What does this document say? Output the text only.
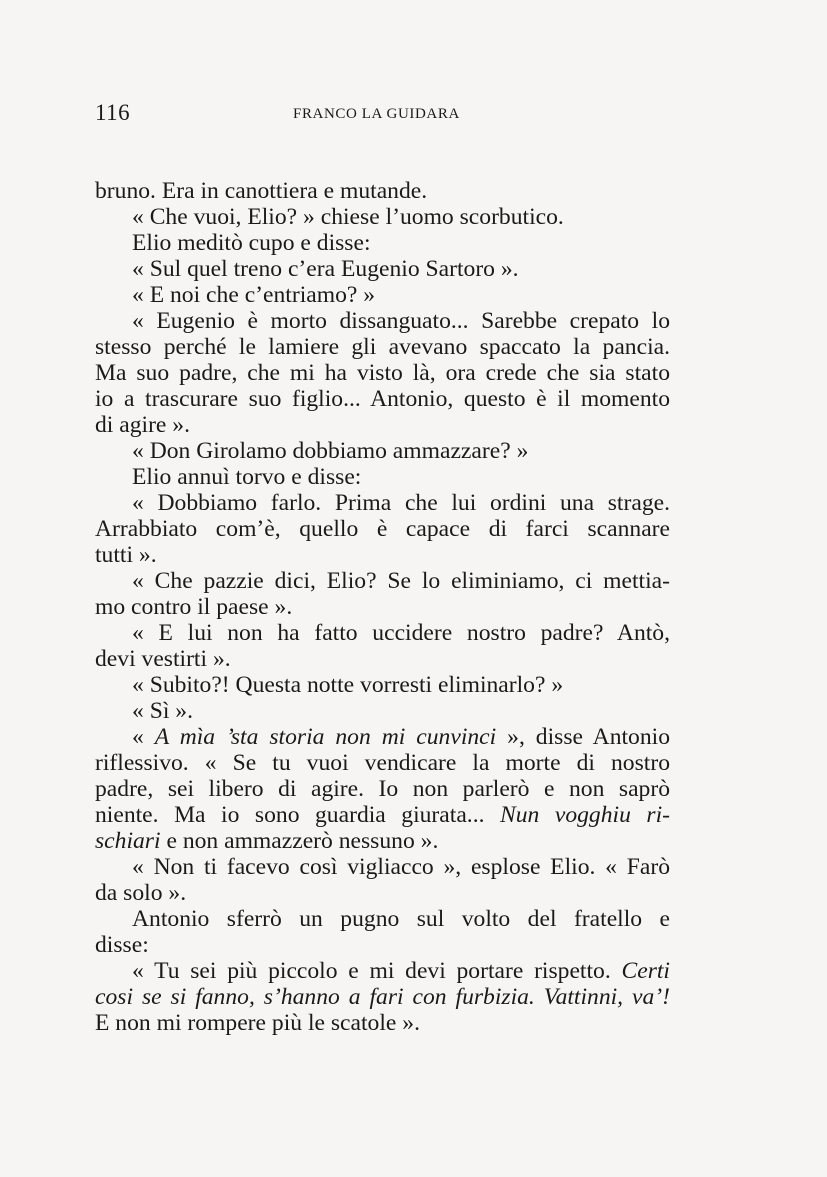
116	FRANCO LA GUIDARA
bruno. Era in canottiera e mutande.
« Che vuoi, Elio? » chiese l’uomo scorbutico.
Elio meditò cupo e disse:
« Sul quel treno c’era Eugenio Sartoro ».
« E noi che c’entriamo? »
« Eugenio è morto dissanguato... Sarebbe crepato lo
stesso perché le lamiere gli avevano spaccato la pancia.
Ma suo padre, che mi ha visto là, ora crede che sia stato
io a trascurare suo figlio... Antonio, questo è il momento
di agire ».
« Don Girolamo dobbiamo ammazzare? »
Elio annuì torvo e disse:
« Dobbiamo farlo. Prima che lui ordini una strage.
Arrabbiato com’è, quello è capace di farci scannare
tutti ».
« Che pazzie dici, Elio? Se lo eliminiamo, ci mettia-
mo contro il paese ».
« E lui non ha fatto uccidere nostro padre? Antò,
devi vestirti ».
« Subito?! Questa notte vorresti eliminarlo? »
« Sì ».
« A mìa ’sta storia non mi cunvinci », disse Antonio
riflessivo. « Se tu vuoi vendicare la morte di nostro
padre, sei libero di agire. Io non parlerò e non saprò
niente. Ma io sono guardia giurata... Nun vogghiu ri-
schiari e non ammazzerò nessuno ».
« Non ti facevo così vigliacco », esplose Elio. « Farò
da solo ».
Antonio sferrò un pugno sul volto del fratello e
disse:
« Tu sei più piccolo e mi devi portare rispetto. Certi
cosi se si fanno, s’hanno a fari con furbizia. Vattinni, va’!
E non mi rompere più le scatole ».
